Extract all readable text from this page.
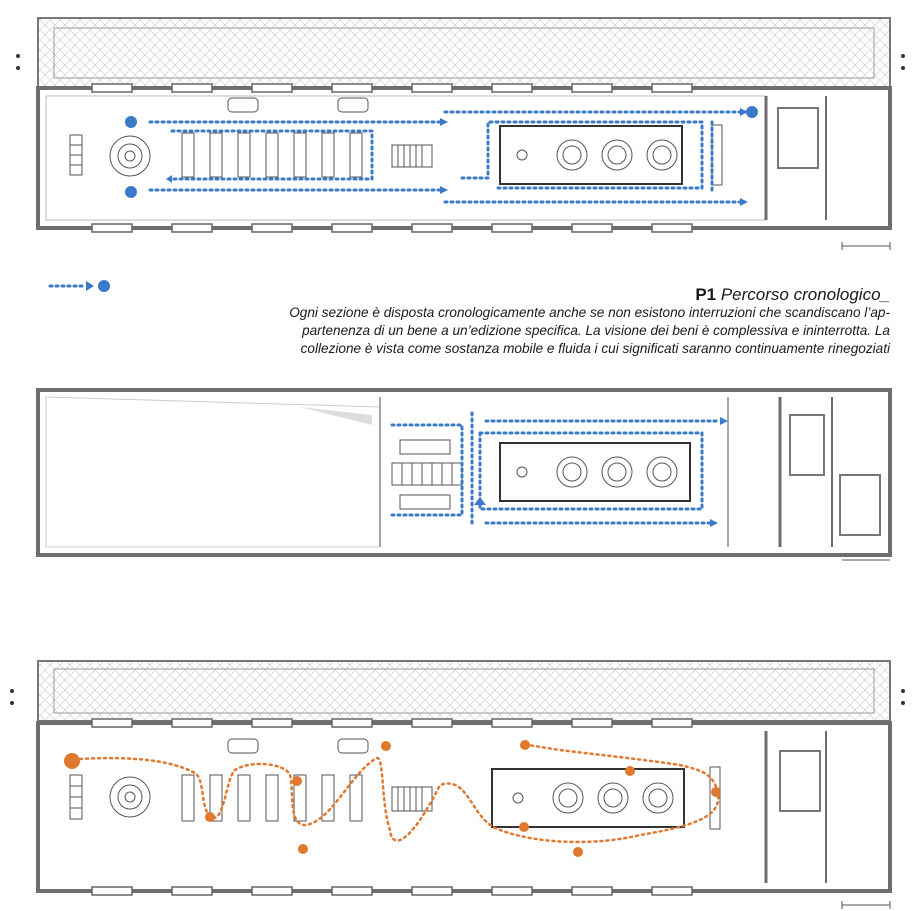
P1 Percorso cronologico_
Ogni sezione è disposta cronologicamente anche se non esistono interruzioni che scandiscano l’ap-
partenenza di un bene a un’edizione specifica. La visione dei beni è complessiva e ininterrotta. La
collezione è vista come sostanza mobile e fluida i cui significati saranno continuamente rinegoziati
